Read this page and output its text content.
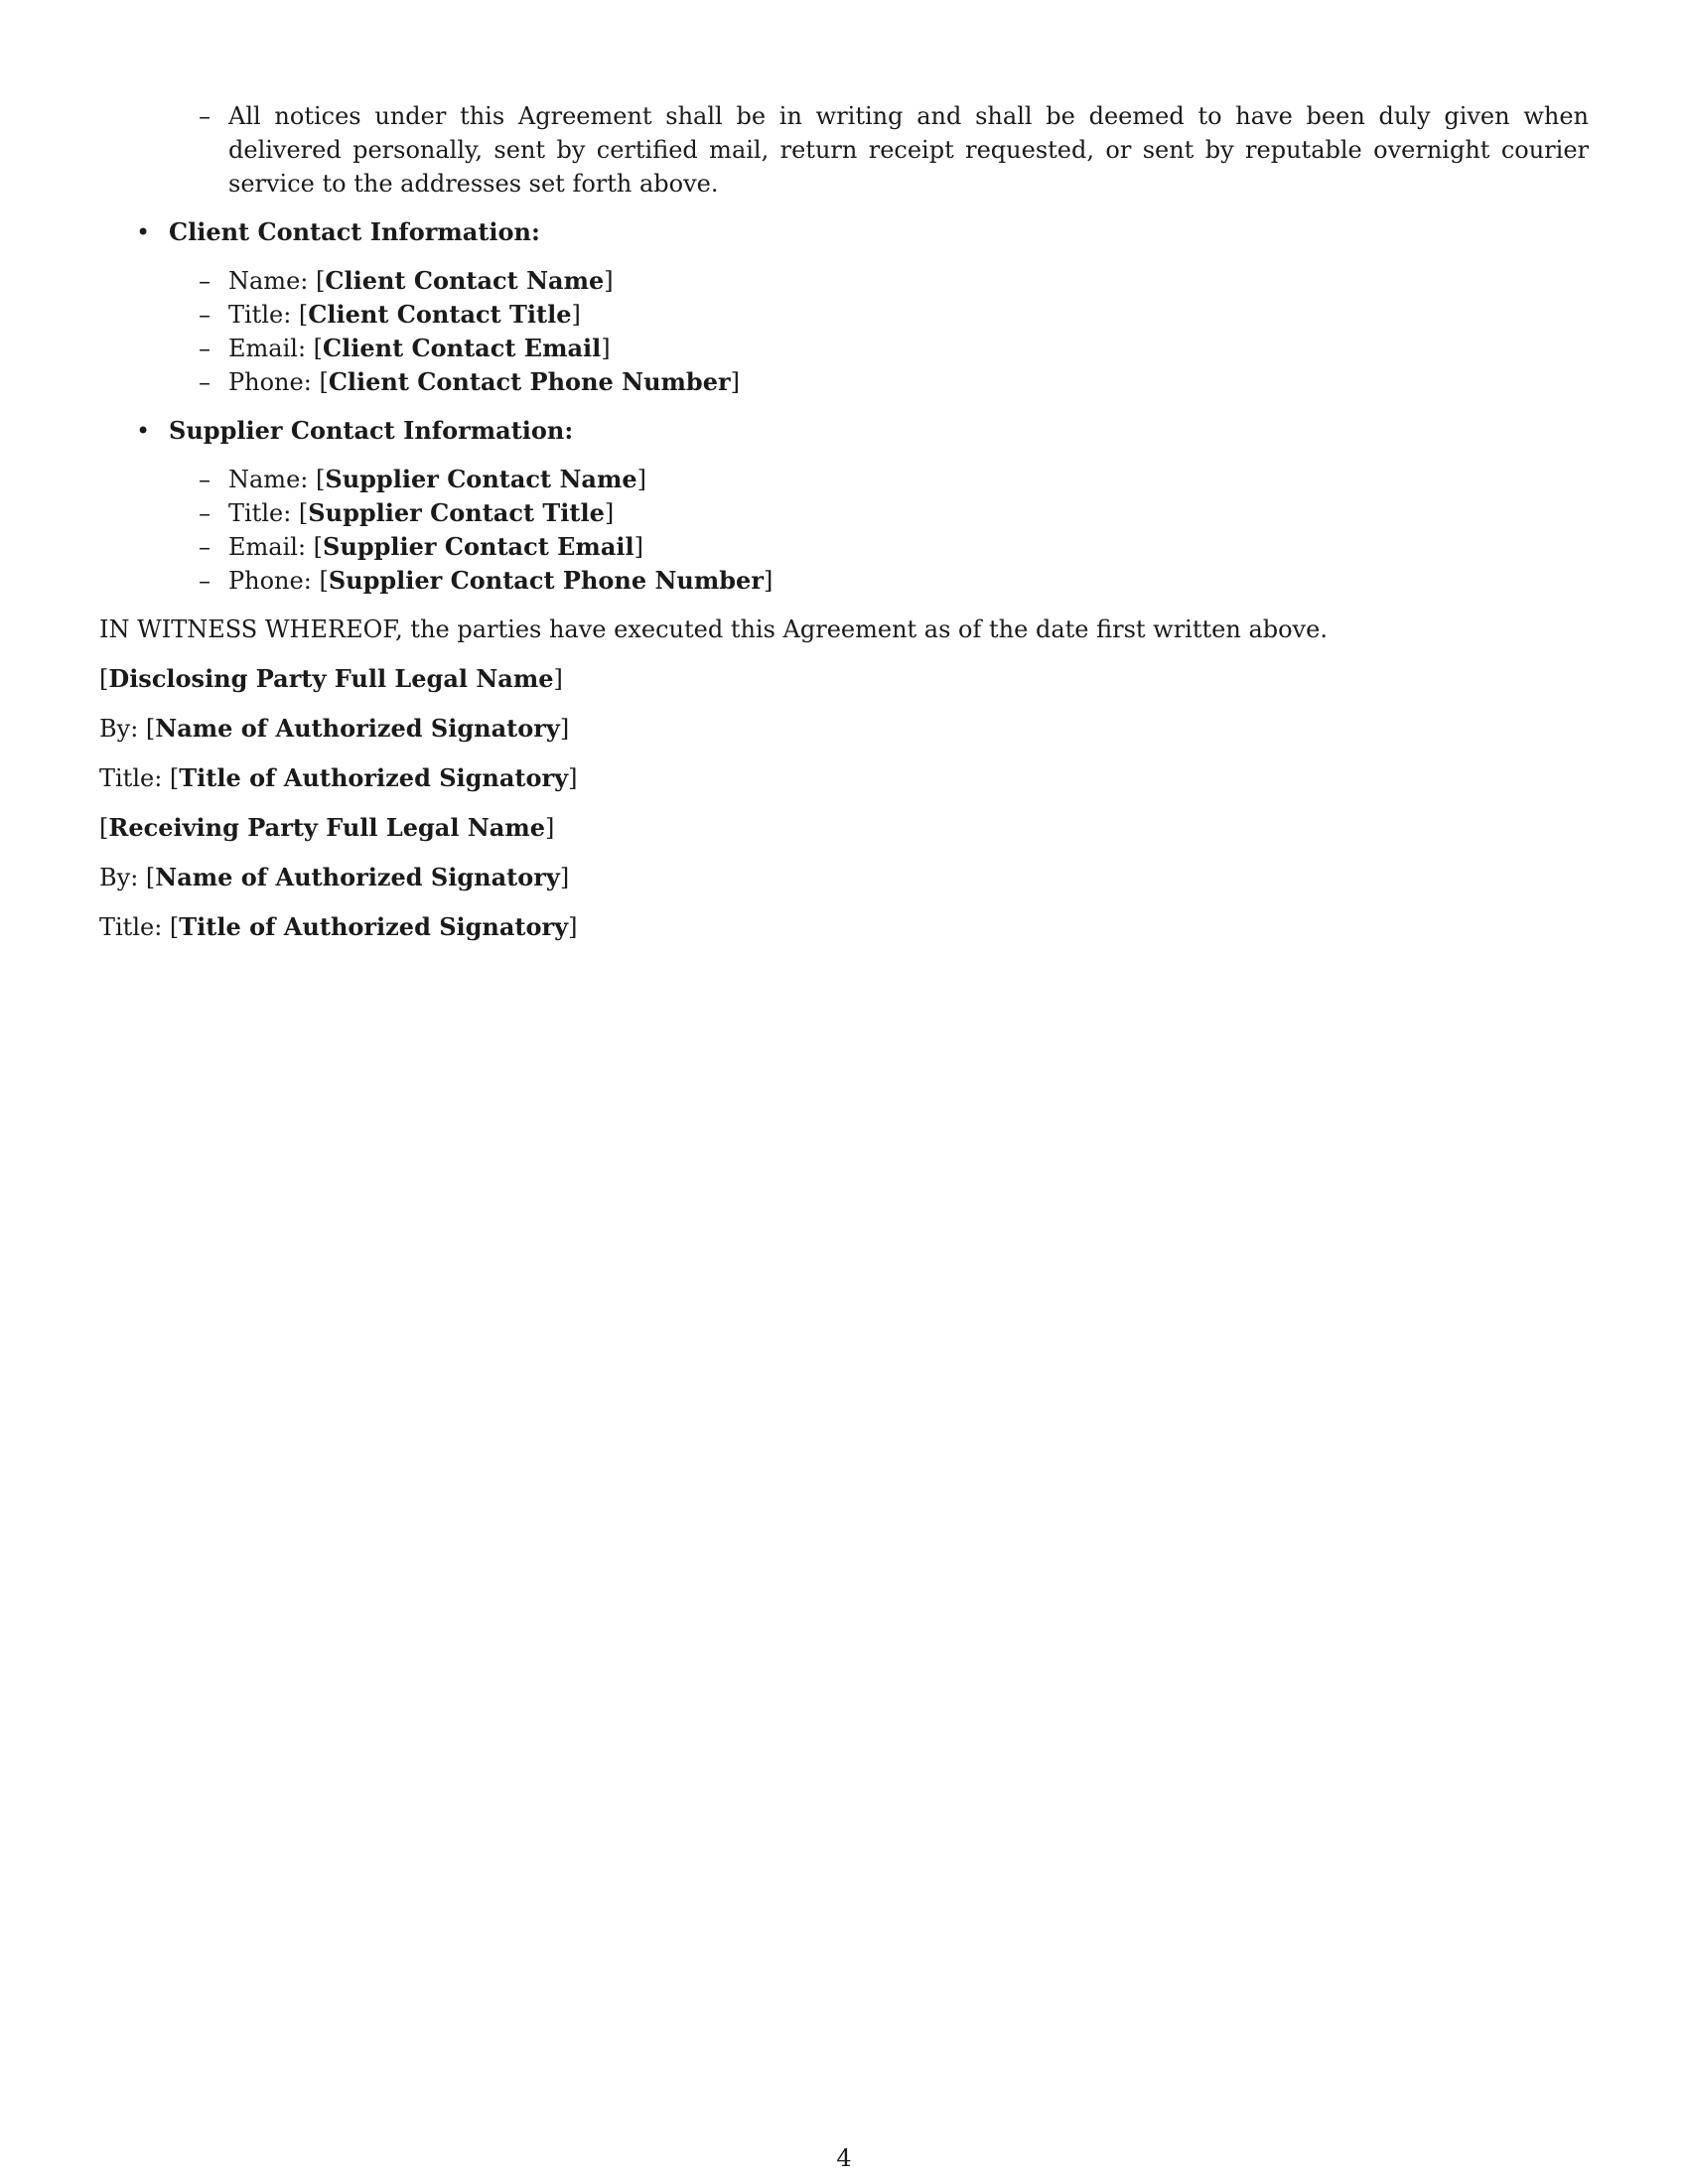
– All notices under this Agreement shall be in writing and shall be deemed to have been duly given when delivered personally, sent by certified mail, return receipt requested, or sent by reputable overnight courier service to the addresses set forth above.
• Client Contact Information:
– Name: [Client Contact Name]
– Title: [Client Contact Title]
– Email: [Client Contact Email]
– Phone: [Client Contact Phone Number]
• Supplier Contact Information:
– Name: [Supplier Contact Name]
– Title: [Supplier Contact Title]
– Email: [Supplier Contact Email]
– Phone: [Supplier Contact Phone Number]
IN WITNESS WHEREOF, the parties have executed this Agreement as of the date first written above.
[Disclosing Party Full Legal Name]
By: [Name of Authorized Signatory]
Title: [Title of Authorized Signatory]
[Receiving Party Full Legal Name]
By: [Name of Authorized Signatory]
Title: [Title of Authorized Signatory]
4
